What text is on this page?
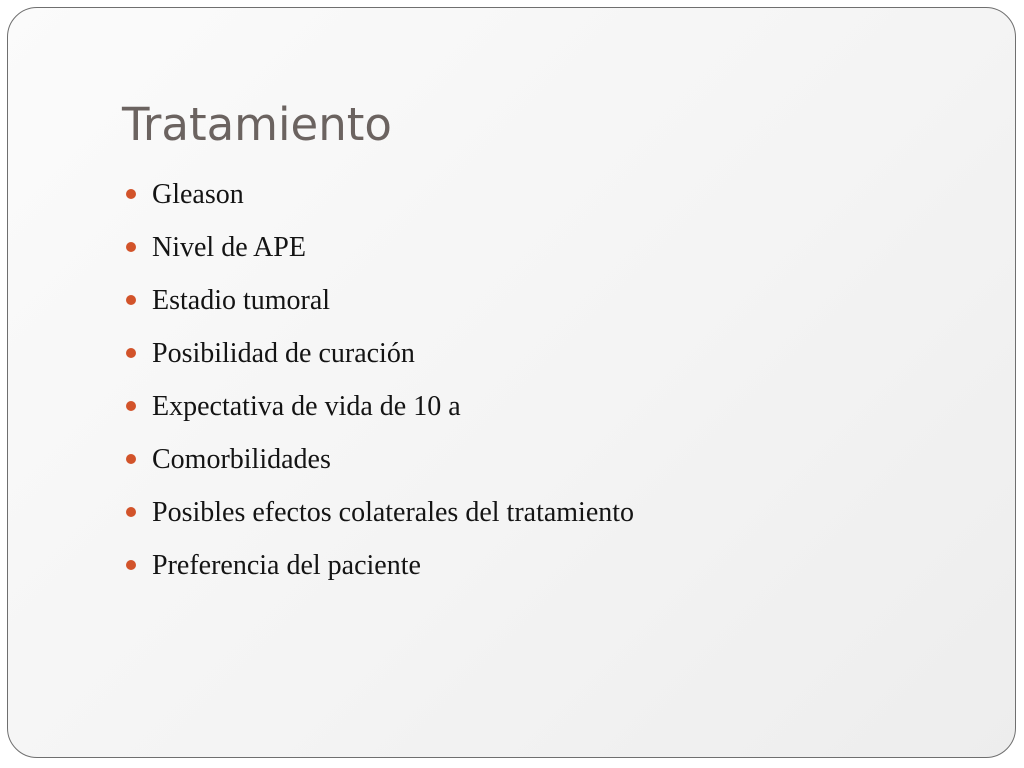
Tratamiento
Gleason
Nivel de APE
Estadio tumoral
Posibilidad de curación
Expectativa de vida de 10 a
Comorbilidades
Posibles efectos colaterales del tratamiento
Preferencia del paciente
